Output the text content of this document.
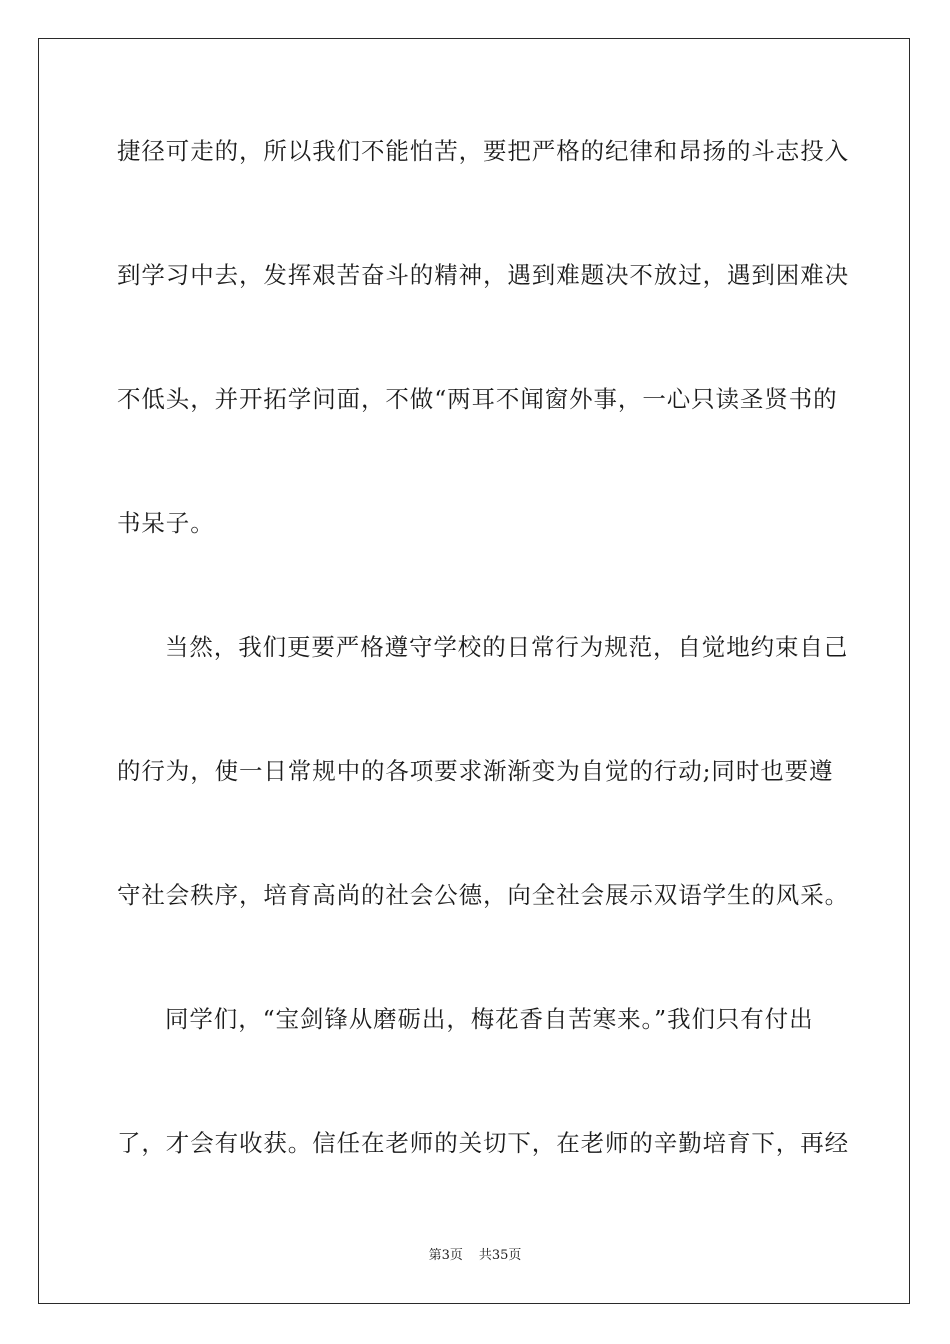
捷径可走的，所以我们不能怕苦，要把严格的纪律和昂扬的斗志投入
到学习中去，发挥艰苦奋斗的精神，遇到难题决不放过，遇到困难决
不低头，并开拓学问面，不做“两耳不闻窗外事，一心只读圣贤书的
书呆子。
当然，我们更要严格遵守学校的日常行为规范，自觉地约束自己
的行为，使一日常规中的各项要求渐渐变为自觉的行动;同时也要遵
守社会秩序，培育高尚的社会公德，向全社会展示双语学生的风采。
同学们，“宝剑锋从磨砺出，梅花香自苦寒来。”我们只有付出
了，才会有收获。信任在老师的关切下，在老师的辛勤培育下，再经
第3页 共35页
